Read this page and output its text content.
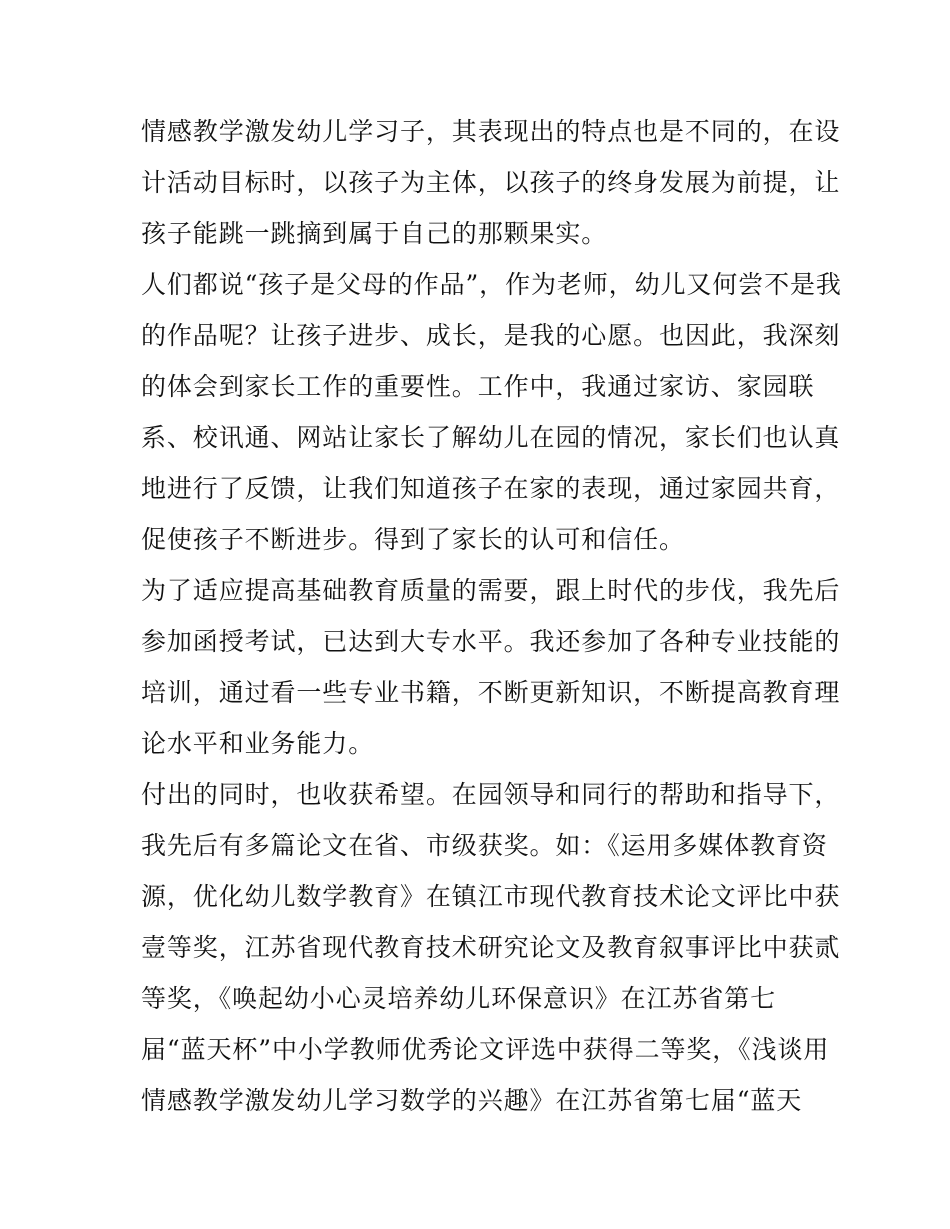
情感教学激发幼儿学习子，其表现出的特点也是不同的，在设
计活动目标时，以孩子为主体，以孩子的终身发展为前提，让
孩子能跳一跳摘到属于自己的那颗果实。
人们都说“孩子是父母的作品”，作为老师，幼儿又何尝不是我
的作品呢？让孩子进步、成长，是我的心愿。也因此，我深刻
的体会到家长工作的重要性。工作中，我通过家访、家园联
系、校讯通、网站让家长了解幼儿在园的情况，家长们也认真
地进行了反馈，让我们知道孩子在家的表现，通过家园共育，
促使孩子不断进步。得到了家长的认可和信任。
为了适应提高基础教育质量的需要，跟上时代的步伐，我先后
参加函授考试，已达到大专水平。我还参加了各种专业技能的
培训，通过看一些专业书籍，不断更新知识，不断提高教育理
论水平和业务能力。
付出的同时，也收获希望。在园领导和同行的帮助和指导下，
我先后有多篇论文在省、市级获奖。如：《运用多媒体教育资
源，优化幼儿数学教育》在镇江市现代教育技术论文评比中获
壹等奖，江苏省现代教育技术研究论文及教育叙事评比中获贰
等奖，《唤起幼小心灵培养幼儿环保意识》在江苏省第七
届“蓝天杯”中小学教师优秀论文评选中获得二等奖，《浅谈用
情感教学激发幼儿学习数学的兴趣》在江苏省第七届“蓝天
